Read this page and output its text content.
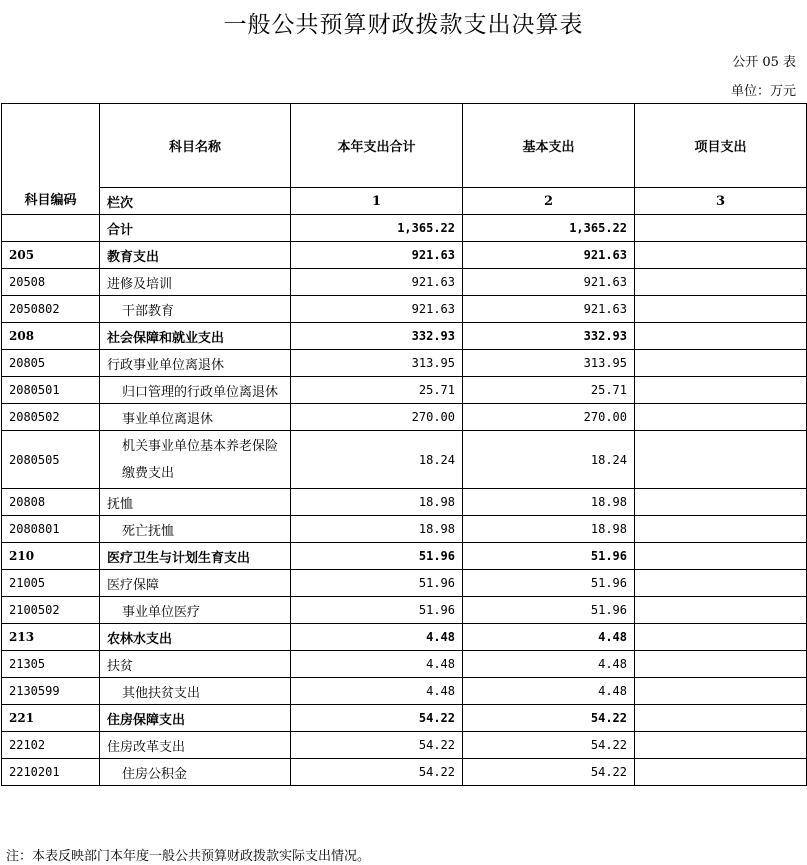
一般公共预算财政拨款支出决算表
公开 05 表
单位：万元
科目编码	科目名称	本年支出合计	基本支出	项目支出
	栏次	1	2	3
	合计	1,365.22	1,365.22	
205	教育支出	921.63	921.63	
20508	进修及培训	921.63	921.63	
2050802	干部教育	921.63	921.63	
208	社会保障和就业支出	332.93	332.93	
20805	行政事业单位离退休	313.95	313.95	
2080501	归口管理的行政单位离退休	25.71	25.71	
2080502	事业单位离退休	270.00	270.00	
2080505	机关事业单位基本养老保险缴费支出	18.24	18.24	
20808	抚恤	18.98	18.98	
2080801	死亡抚恤	18.98	18.98	
210	医疗卫生与计划生育支出	51.96	51.96	
21005	医疗保障	51.96	51.96	
2100502	事业单位医疗	51.96	51.96	
213	农林水支出	4.48	4.48	
21305	扶贫	4.48	4.48	
2130599	其他扶贫支出	4.48	4.48	
221	住房保障支出	54.22	54.22	
22102	住房改革支出	54.22	54.22	
2210201	住房公积金	54.22	54.22	
注：本表反映部门本年度一般公共预算财政拨款实际支出情况。
